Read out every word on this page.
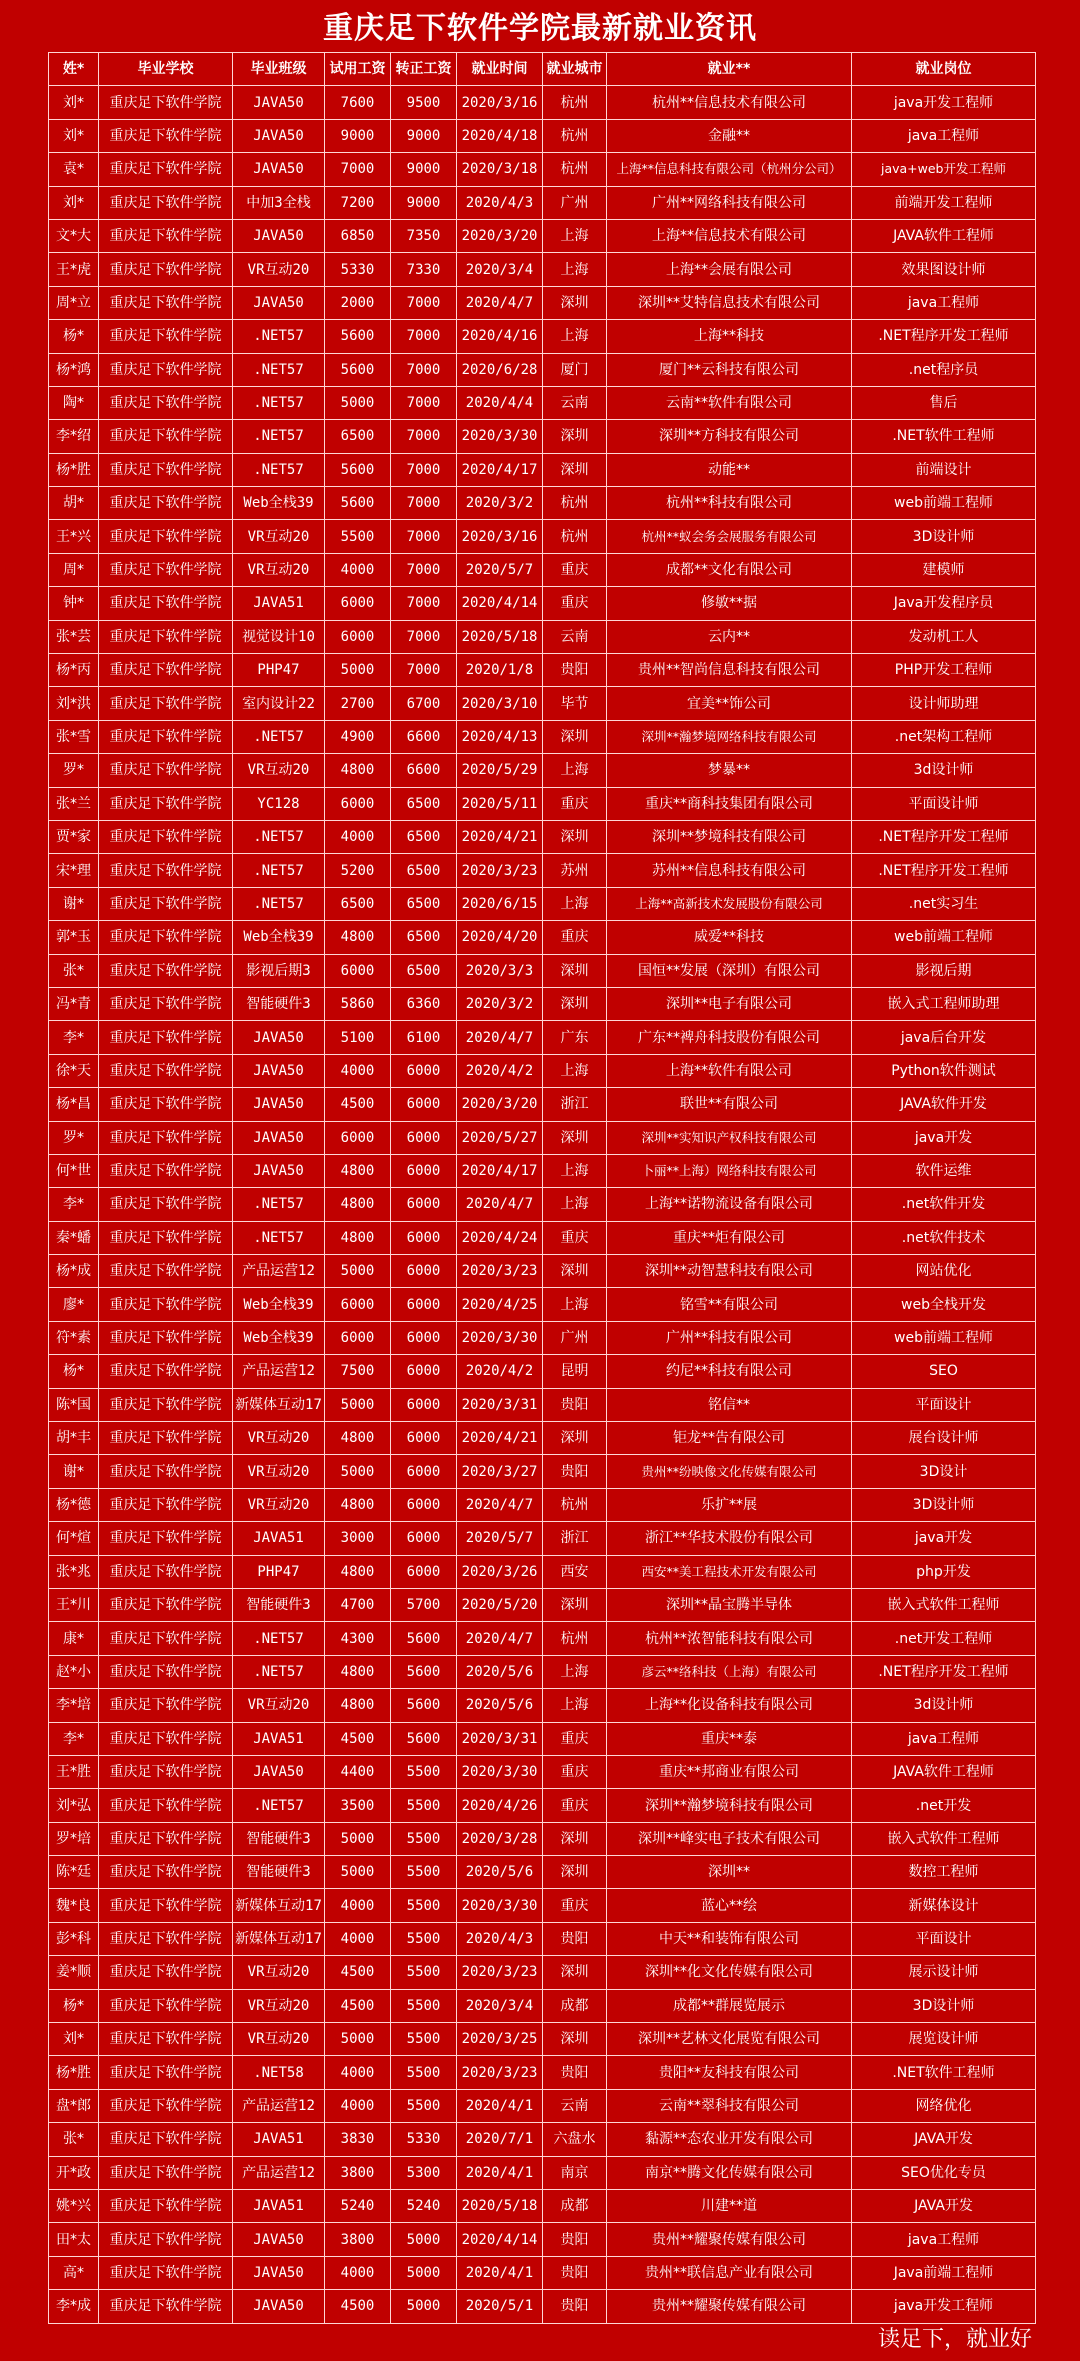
重庆足下软件学院最新就业资讯
姓*	毕业学校	毕业班级	试用工资	转正工资	就业时间	就业城市	就业**	就业岗位
刘*	重庆足下软件学院	JAVA50	7600	9500	2020/3/16	杭州	杭州**信息技术有限公司	java开发工程师
刘*	重庆足下软件学院	JAVA50	9000	9000	2020/4/18	杭州	金融**	java工程师
袁*	重庆足下软件学院	JAVA50	7000	9000	2020/3/18	杭州	上海**信息科技有限公司（杭州分公司）	java+web开发工程师
刘*	重庆足下软件学院	中加3全栈	7200	9000	2020/4/3	广州	广州**网络科技有限公司	前端开发工程师
文*大	重庆足下软件学院	JAVA50	6850	7350	2020/3/20	上海	上海**信息技术有限公司	JAVA软件工程师
王*虎	重庆足下软件学院	VR互动20	5330	7330	2020/3/4	上海	上海**会展有限公司	效果图设计师
周*立	重庆足下软件学院	JAVA50	2000	7000	2020/4/7	深圳	深圳**艾特信息技术有限公司	java工程师
杨*	重庆足下软件学院	.NET57	5600	7000	2020/4/16	上海	上海**科技	.NET程序开发工程师
杨*鸿	重庆足下软件学院	.NET57	5600	7000	2020/6/28	厦门	厦门**云科技有限公司	.net程序员
陶*	重庆足下软件学院	.NET57	5000	7000	2020/4/4	云南	云南**软件有限公司	售后
李*绍	重庆足下软件学院	.NET57	6500	7000	2020/3/30	深圳	深圳**方科技有限公司	.NET软件工程师
杨*胜	重庆足下软件学院	.NET57	5600	7000	2020/4/17	深圳	动能**	前端设计
胡*	重庆足下软件学院	Web全栈39	5600	7000	2020/3/2	杭州	杭州**科技有限公司	web前端工程师
王*兴	重庆足下软件学院	VR互动20	5500	7000	2020/3/16	杭州	杭州**蚁会务会展服务有限公司	3D设计师
周*	重庆足下软件学院	VR互动20	4000	7000	2020/5/7	重庆	成都**文化有限公司	建模师
钟*	重庆足下软件学院	JAVA51	6000	7000	2020/4/14	重庆	修敏**据	Java开发程序员
张*芸	重庆足下软件学院	视觉设计10	6000	7000	2020/5/18	云南	云内**	发动机工人
杨*丙	重庆足下软件学院	PHP47	5000	7000	2020/1/8	贵阳	贵州**智尚信息科技有限公司	PHP开发工程师
刘*洪	重庆足下软件学院	室内设计22	2700	6700	2020/3/10	毕节	宜美**饰公司	设计师助理
张*雪	重庆足下软件学院	.NET57	4900	6600	2020/4/13	深圳	深圳**瀚梦境网络科技有限公司	.net架构工程师
罗*	重庆足下软件学院	VR互动20	4800	6600	2020/5/29	上海	梦暴**	3d设计师
张*兰	重庆足下软件学院	YC128	6000	6500	2020/5/11	重庆	重庆**商科技集团有限公司	平面设计师
贾*家	重庆足下软件学院	.NET57	4000	6500	2020/4/21	深圳	深圳**梦境科技有限公司	.NET程序开发工程师
宋*理	重庆足下软件学院	.NET57	5200	6500	2020/3/23	苏州	苏州**信息科技有限公司	.NET程序开发工程师
谢*	重庆足下软件学院	.NET57	6500	6500	2020/6/15	上海	上海**高新技术发展股份有限公司	.net实习生
郭*玉	重庆足下软件学院	Web全栈39	4800	6500	2020/4/20	重庆	威爱**科技	web前端工程师
张*	重庆足下软件学院	影视后期3	6000	6500	2020/3/3	深圳	国恒**发展（深圳）有限公司	影视后期
冯*青	重庆足下软件学院	智能硬件3	5860	6360	2020/3/2	深圳	深圳**电子有限公司	嵌入式工程师助理
李*	重庆足下软件学院	JAVA50	5100	6100	2020/4/7	广东	广东**裨舟科技股份有限公司	java后台开发
徐*天	重庆足下软件学院	JAVA50	4000	6000	2020/4/2	上海	上海**软件有限公司	Python软件测试
杨*昌	重庆足下软件学院	JAVA50	4500	6000	2020/3/20	浙江	联世**有限公司	JAVA软件开发
罗*	重庆足下软件学院	JAVA50	6000	6000	2020/5/27	深圳	深圳**实知识产权科技有限公司	java开发
何*世	重庆足下软件学院	JAVA50	4800	6000	2020/4/17	上海	卜丽**上海）网络科技有限公司	软件运维
李*	重庆足下软件学院	.NET57	4800	6000	2020/4/7	上海	上海**诺物流设备有限公司	.net软件开发
秦*蟠	重庆足下软件学院	.NET57	4800	6000	2020/4/24	重庆	重庆**炬有限公司	.net软件技术
杨*成	重庆足下软件学院	产品运营12	5000	6000	2020/3/23	深圳	深圳**动智慧科技有限公司	网站优化
廖*	重庆足下软件学院	Web全栈39	6000	6000	2020/4/25	上海	铭雪**有限公司	web全栈开发
符*素	重庆足下软件学院	Web全栈39	6000	6000	2020/3/30	广州	广州**科技有限公司	web前端工程师
杨*	重庆足下软件学院	产品运营12	7500	6000	2020/4/2	昆明	约尼**科技有限公司	SEO
陈*国	重庆足下软件学院	新媒体互动17	5000	6000	2020/3/31	贵阳	铭信**	平面设计
胡*丰	重庆足下软件学院	VR互动20	4800	6000	2020/4/21	深圳	钜龙**告有限公司	展台设计师
谢*	重庆足下软件学院	VR互动20	5000	6000	2020/3/27	贵阳	贵州**纷映像文化传媒有限公司	3D设计
杨*德	重庆足下软件学院	VR互动20	4800	6000	2020/4/7	杭州	乐扩**展	3D设计师
何*煊	重庆足下软件学院	JAVA51	3000	6000	2020/5/7	浙江	浙江**华技术股份有限公司	java开发
张*兆	重庆足下软件学院	PHP47	4800	6000	2020/3/26	西安	西安**美工程技术开发有限公司	php开发
王*川	重庆足下软件学院	智能硬件3	4700	5700	2020/5/20	深圳	深圳**晶宝腾半导体	嵌入式软件工程师
康*	重庆足下软件学院	.NET57	4300	5600	2020/4/7	杭州	杭州**浓智能科技有限公司	.net开发工程师
赵*小	重庆足下软件学院	.NET57	4800	5600	2020/5/6	上海	彦云**络科技（上海）有限公司	.NET程序开发工程师
李*培	重庆足下软件学院	VR互动20	4800	5600	2020/5/6	上海	上海**化设备科技有限公司	3d设计师
李*	重庆足下软件学院	JAVA51	4500	5600	2020/3/31	重庆	重庆**泰	java工程师
王*胜	重庆足下软件学院	JAVA50	4400	5500	2020/3/30	重庆	重庆**邦商业有限公司	JAVA软件工程师
刘*弘	重庆足下软件学院	.NET57	3500	5500	2020/4/26	重庆	深圳**瀚梦境科技有限公司	.net开发
罗*培	重庆足下软件学院	智能硬件3	5000	5500	2020/3/28	深圳	深圳**峰实电子技术有限公司	嵌入式软件工程师
陈*廷	重庆足下软件学院	智能硬件3	5000	5500	2020/5/6	深圳	深圳**	数控工程师
魏*良	重庆足下软件学院	新媒体互动17	4000	5500	2020/3/30	重庆	蓝心**绘	新媒体设计
彭*科	重庆足下软件学院	新媒体互动17	4000	5500	2020/4/3	贵阳	中天**和装饰有限公司	平面设计
姜*顺	重庆足下软件学院	VR互动20	4500	5500	2020/3/23	深圳	深圳**化文化传媒有限公司	展示设计师
杨*	重庆足下软件学院	VR互动20	4500	5500	2020/3/4	成都	成都**群展览展示	3D设计师
刘*	重庆足下软件学院	VR互动20	5000	5500	2020/3/25	深圳	深圳**艺林文化展览有限公司	展览设计师
杨*胜	重庆足下软件学院	.NET58	4000	5500	2020/3/23	贵阳	贵阳**友科技有限公司	.NET软件工程师
盘*郎	重庆足下软件学院	产品运营12	4000	5500	2020/4/1	云南	云南**翠科技有限公司	网络优化
张*	重庆足下软件学院	JAVA51	3830	5330	2020/7/1	六盘水	黏源**态农业开发有限公司	JAVA开发
开*政	重庆足下软件学院	产品运营12	3800	5300	2020/4/1	南京	南京**腾文化传媒有限公司	SEO优化专员
姚*兴	重庆足下软件学院	JAVA51	5240	5240	2020/5/18	成都	川建**道	JAVA开发
田*太	重庆足下软件学院	JAVA50	3800	5000	2020/4/14	贵阳	贵州**耀聚传媒有限公司	java工程师
高*	重庆足下软件学院	JAVA50	4000	5000	2020/4/1	贵阳	贵州**联信息产业有限公司	Java前端工程师
李*成	重庆足下软件学院	JAVA50	4500	5000	2020/5/1	贵阳	贵州**耀聚传媒有限公司	java开发工程师
读足下，就业好
